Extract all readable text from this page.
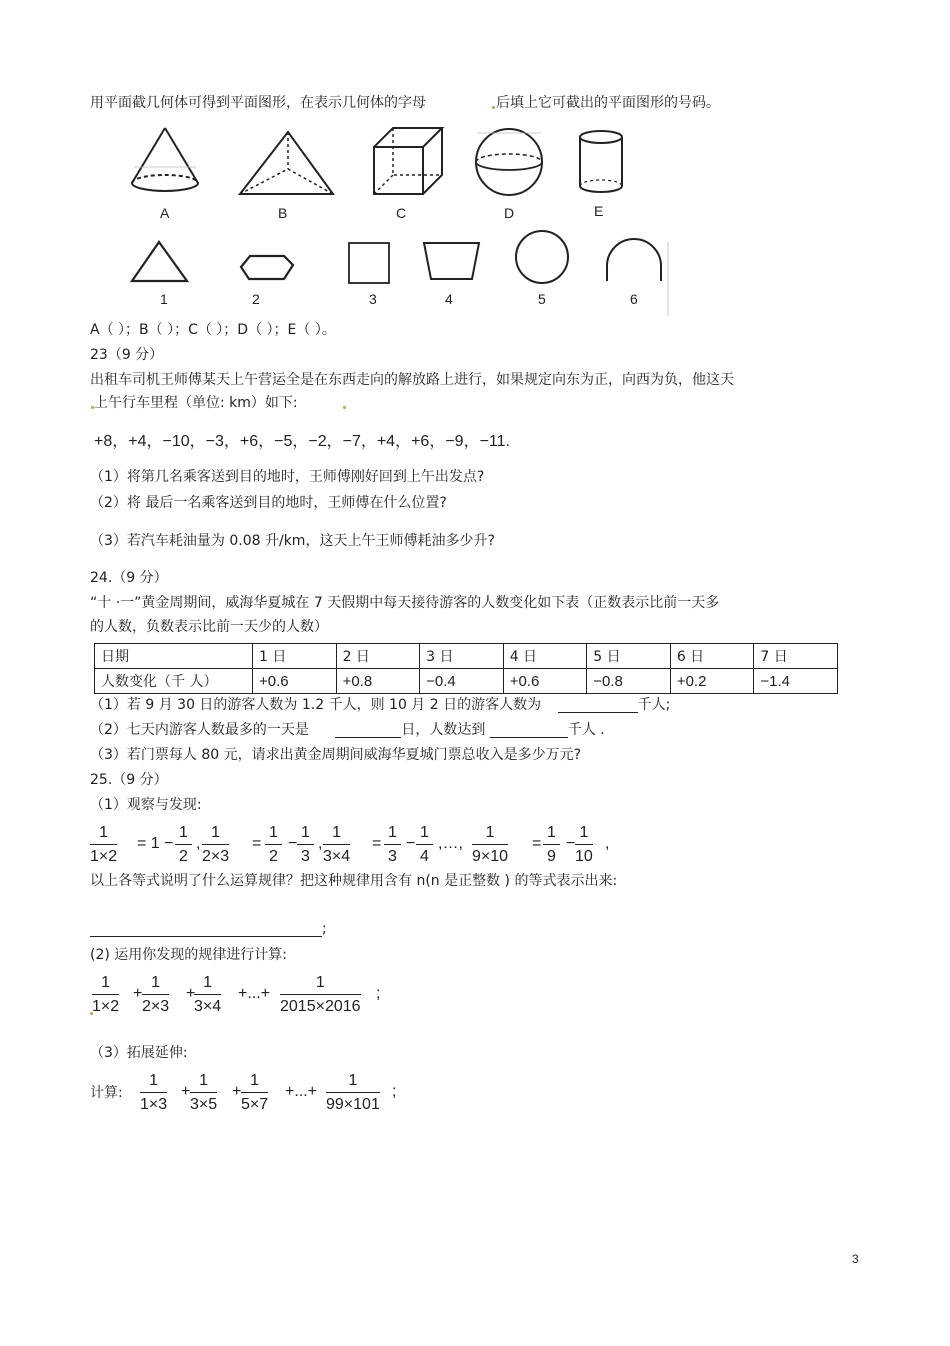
用平面截几何体可得到平面图形，在表示几何体的字母	后填上它可截出的平面图形的号码。
A	B	C	D	E
1	2	3	4	5	6
A（ ）；B（ ）；C（ ）；D（ ）；E（ ）。
23（9 分）
出租车司机王师傅某天上午营运全是在东西走向的解放路上进行，如果规定向东为正，向西为负，他这天
上午行车里程（单位: km）如下:
+8，+4，−10，−3，+6，−5，−2，−7，+4，+6，−9，−11.
（1）将第几名乘客送到目的地时，王师傅刚好回到上午出发点?
（2）将 最后一名乘客送到目的地时，王师傅在什么位置?
（3）若汽车耗油量为 0.08 升/km，这天上午王师傅耗油多少升?
24.（9 分）
“十 ·一”黄金周期间，威海华夏城在 7 天假期中每天接待游客的人数变化如下表（正数表示比前一天多
的人数，负数表示比前一天少的人数）
日期	1 日	2 日	3 日	4 日	5 日	6 日	7 日
人数变化（千 人）	+0.6	+0.8	−0.4	+0.6	−0.8	+0.2	−1.4
（1）若 9 月 30 日的游客人数为 1.2 千人，则 10 月 2 日的游客人数为	千人;
（2）七天内游客人数最多的一天是	日，人数达到	千人 .
（3）若门票每人 80 元，请求出黄金周期间威海华夏城门票总收入是多少万元?
25.（9 分）
（1）观察与发现:
$\frac{1}{1\times 2} = 1 - \frac{1}{2}$ , $\frac{1}{2\times 3} = \frac{1}{2} - \frac{1}{3}$ , $\frac{1}{3\times 4} = \frac{1}{3} - \frac{1}{4}$ ,…, $\frac{1}{9\times 10} = \frac{1}{9} - \frac{1}{10}$ ,
以上各等式说明了什么运算规律？把这种规律用含有 n(n 是正整数 ) 的等式表示出来:
;
(2) 运用你发现的规律进行计算:
$\frac{1}{1\times 2} + \frac{1}{2\times 3}$ +
$\frac{1}{3\times 4}$ +...+ $\frac{1}{2015\times 2016}$ ;
（3）拓展延伸:
计算: $\frac{1}{1\times 3} + \frac{1}{3\times 5} + \frac{1}{5\times 7}$ +...+ $\frac{1}{99\times 101}$ ;
3
